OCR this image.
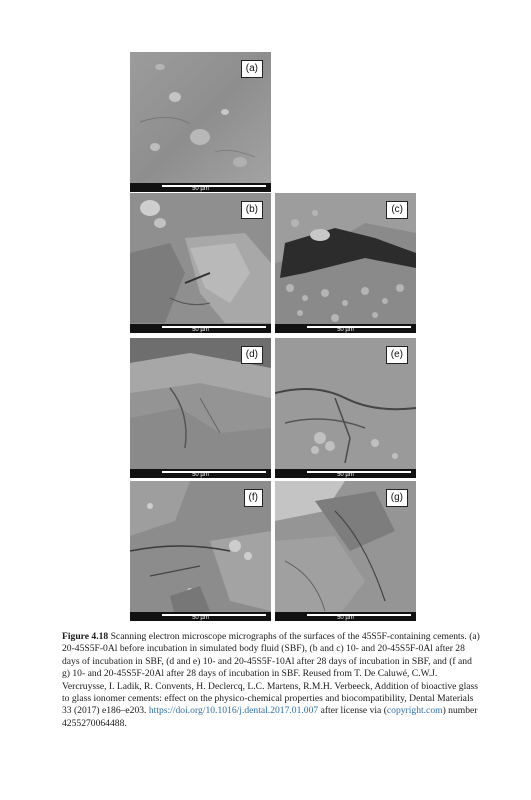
(a)
50 µm
(b)
50 µm
(c)
50 µm
(d)
50 µm
(e)
50 µm
(f)
50 µm
(g)
50 µm
Figure 4.18 Scanning electron microscope micrographs of the surfaces of the 45S5F-containing cements. (a) 20-45S5F-0Al before incubation in simulated body fluid (SBF), (b and c) 10- and 20-45S5F-0Al after 28 days of incubation in SBF, (d and e) 10- and 20-45S5F-10Al after 28 days of incubation in SBF, and (f and g) 10- and 20-45S5F-20Al after 28 days of incubation in SBF. Reused from T. De Caluwé, C.W.J. Vercruysse, I. Ladik, R. Convents, H. Declercq, L.C. Martens, R.M.H. Verbeeck, Addition of bioactive glass to glass ionomer cements: effect on the physico-chemical properties and biocompatibility, Dental Materials 33 (2017) e186–e203. https://doi.org/10.1016/j.dental.2017.01.007 after license via (copyright.com) number 4255270064488.
